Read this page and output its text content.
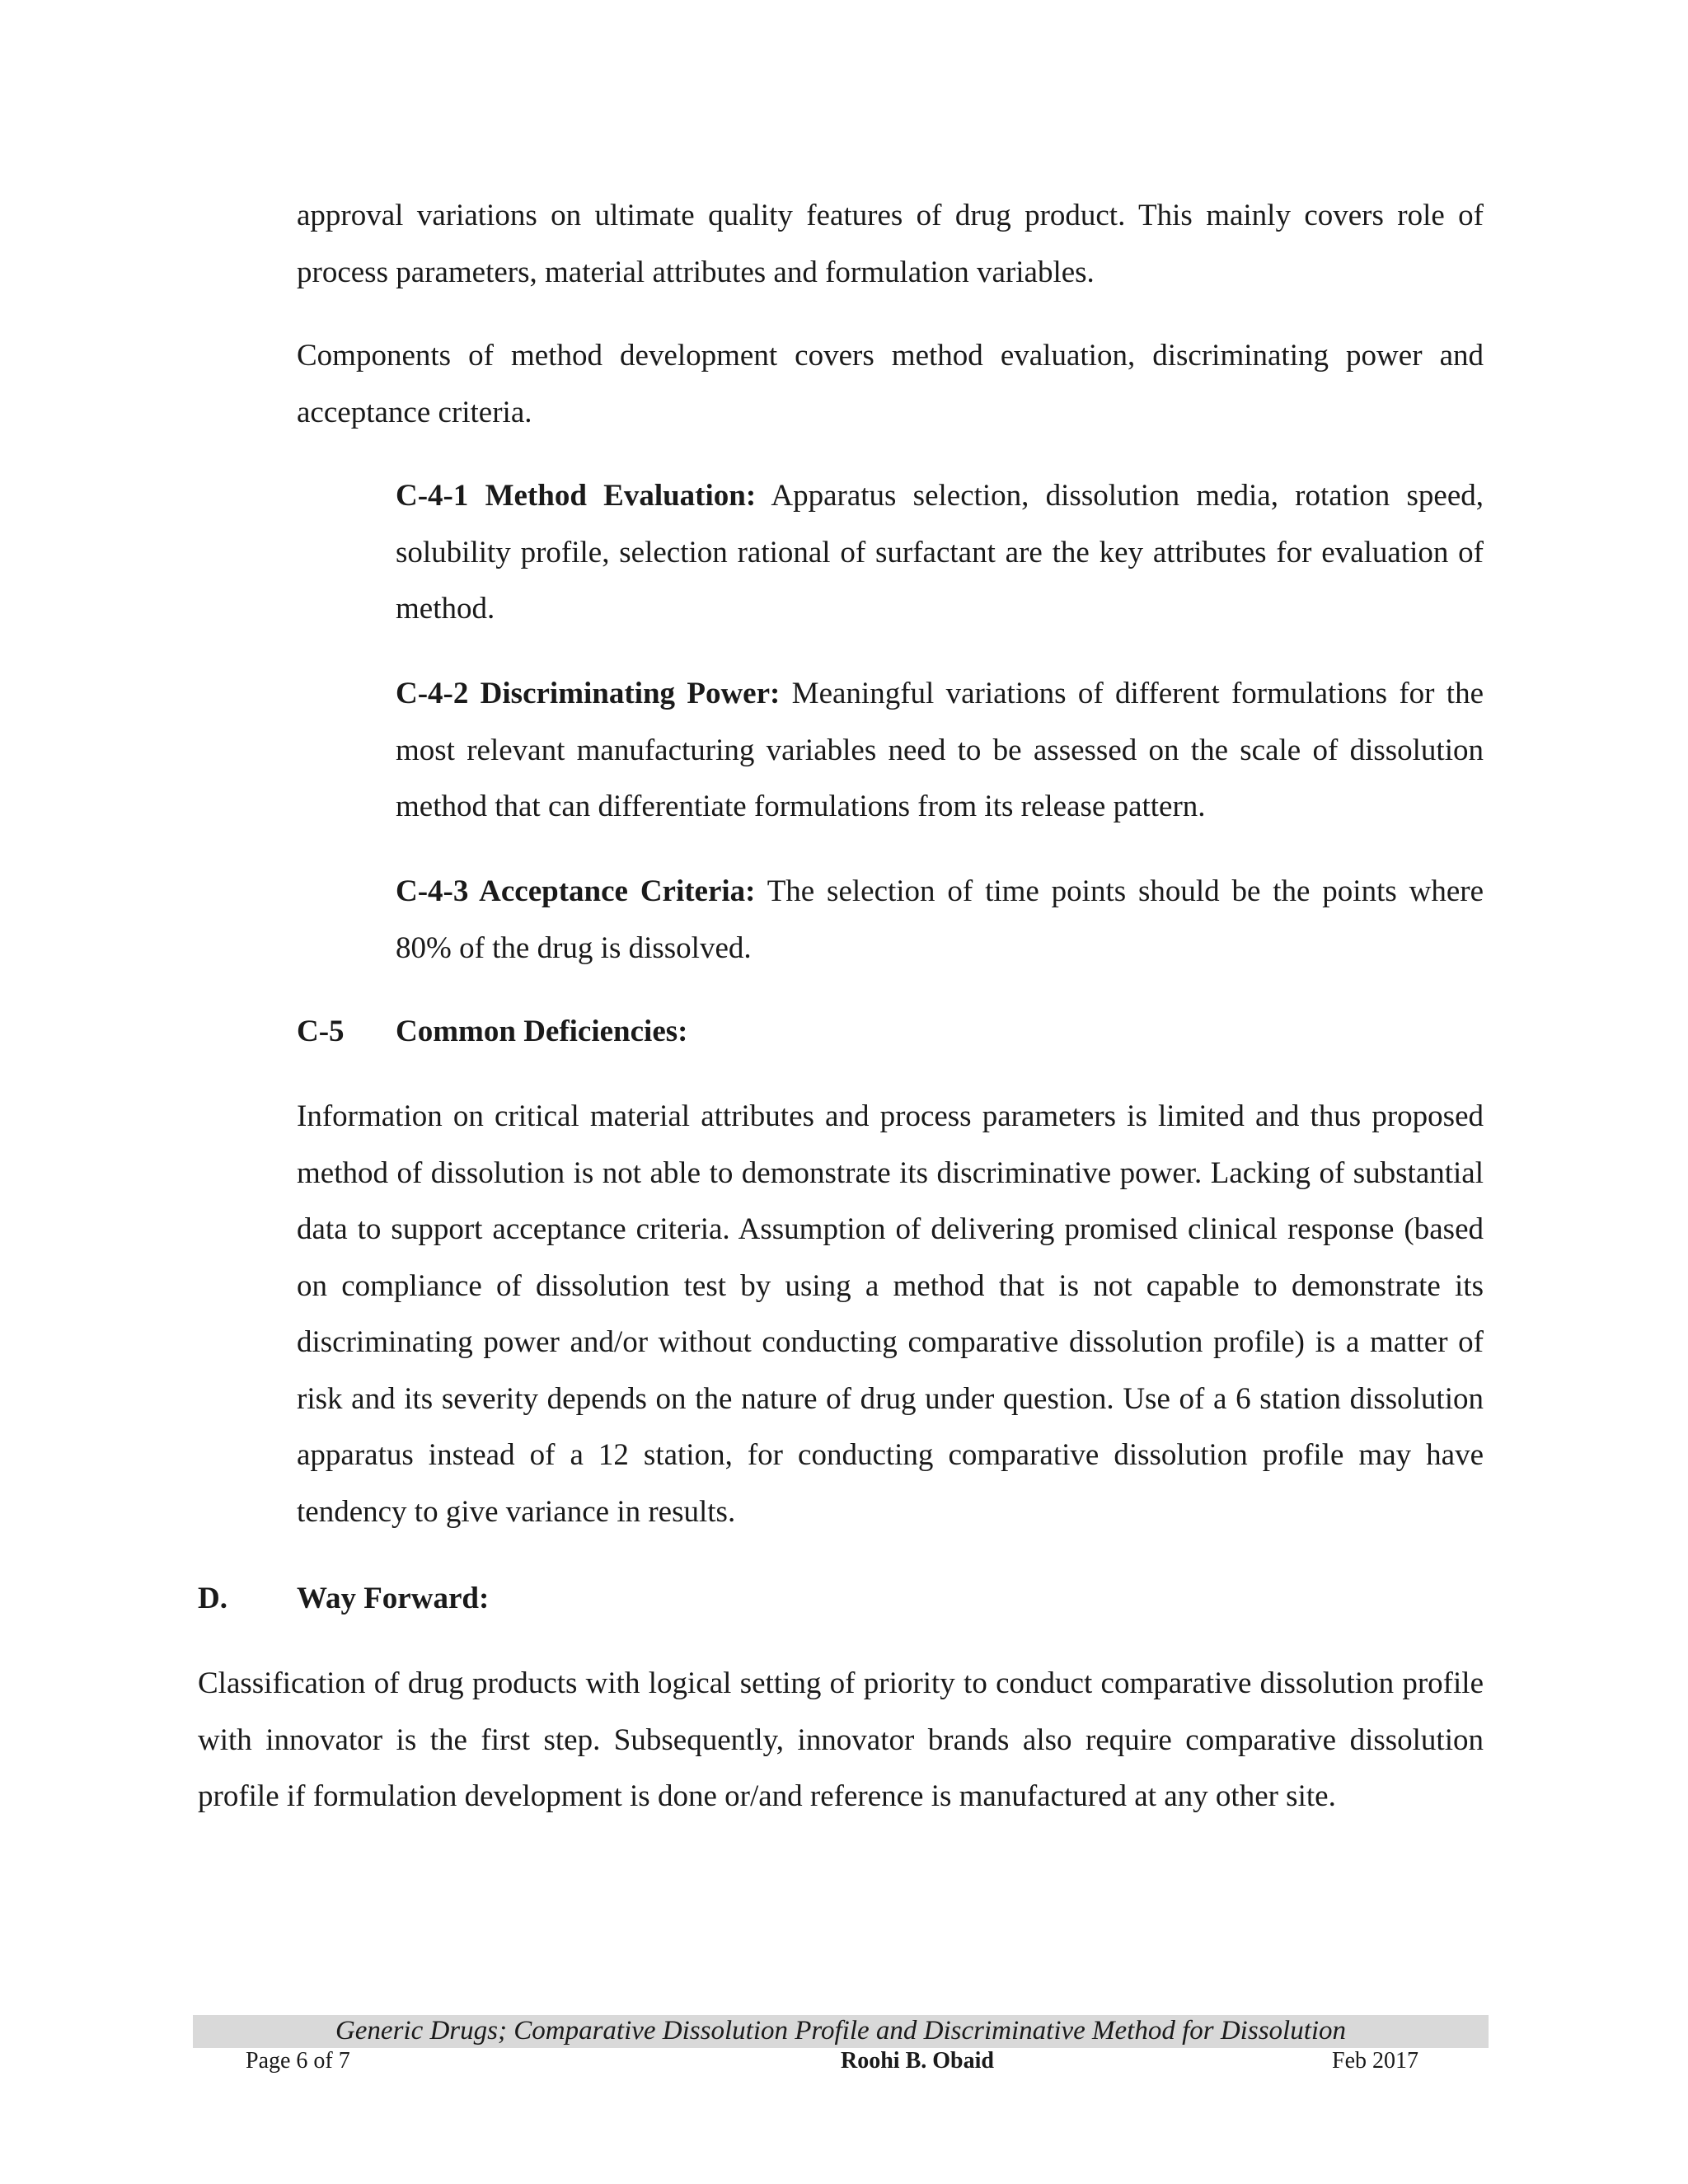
approval variations on ultimate quality features of drug product. This mainly covers role of process parameters, material attributes and formulation variables.

Components of method development covers method evaluation, discriminating power and acceptance criteria.

C-4-1 Method Evaluation: Apparatus selection, dissolution media, rotation speed, solubility profile, selection rational of surfactant are the key attributes for evaluation of method.

C-4-2 Discriminating Power: Meaningful variations of different formulations for the most relevant manufacturing variables need to be assessed on the scale of dissolution method that can differentiate formulations from its release pattern.

C-4-3 Acceptance Criteria: The selection of time points should be the points where 80% of the drug is dissolved.

C-5 Common Deficiencies:

Information on critical material attributes and process parameters is limited and thus proposed method of dissolution is not able to demonstrate its discriminative power. Lacking of substantial data to support acceptance criteria. Assumption of delivering promised clinical response (based on compliance of dissolution test by using a method that is not capable to demonstrate its discriminating power and/or without conducting comparative dissolution profile) is a matter of risk and its severity depends on the nature of drug under question. Use of a 6 station dissolution apparatus instead of a 12 station, for conducting comparative dissolution profile may have tendency to give variance in results.

D. Way Forward:

Classification of drug products with logical setting of priority to conduct comparative dissolution profile with innovator is the first step. Subsequently, innovator brands also require comparative dissolution profile if formulation development is done or/and reference is manufactured at any other site.

Generic Drugs; Comparative Dissolution Profile and Discriminative Method for Dissolution
Page 6 of 7	Roohi B. Obaid	Feb 2017
